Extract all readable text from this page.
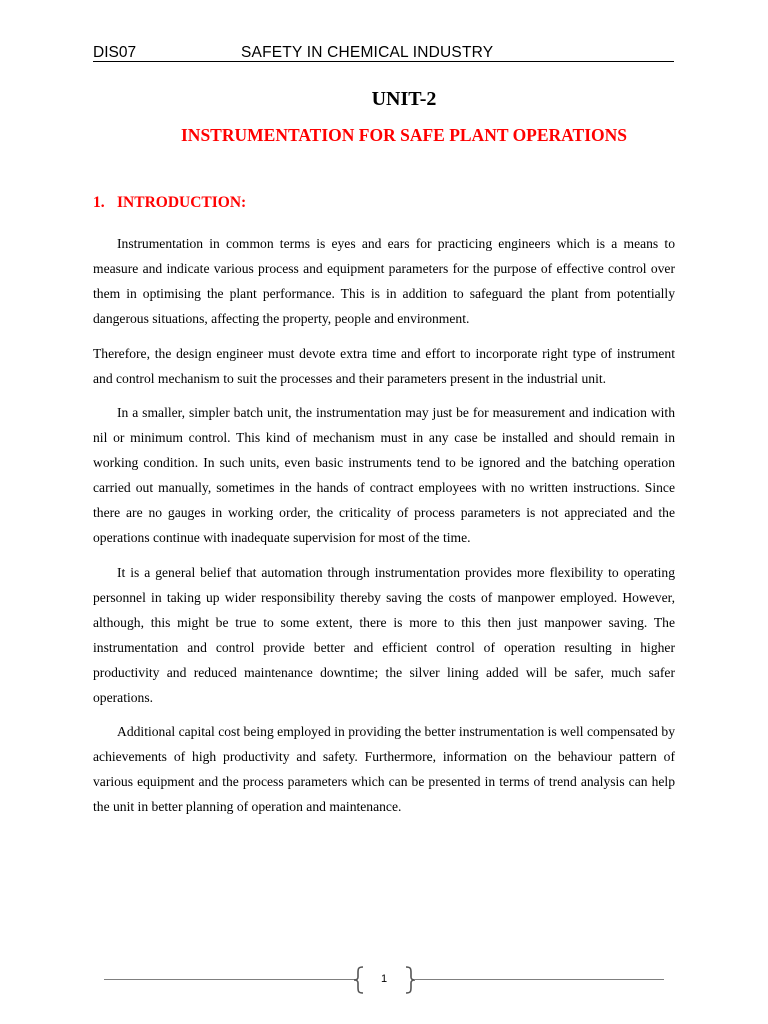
DIS07	SAFETY IN CHEMICAL INDUSTRY
UNIT-2
INSTRUMENTATION FOR SAFE PLANT OPERATIONS
1. INTRODUCTION:

Instrumentation in common terms is eyes and ears for practicing engineers which is a means to measure and indicate various process and equipment parameters for the purpose of effective control over them in optimising the plant performance. This is in addition to safeguard the plant from potentially dangerous situations, affecting the property, people and environment.

Therefore, the design engineer must devote extra time and effort to incorporate right type of instrument and control mechanism to suit the processes and their parameters present in the industrial unit.

In a smaller, simpler batch unit, the instrumentation may just be for measurement and indication with nil or minimum control. This kind of mechanism must in any case be installed and should remain in working condition. In such units, even basic instruments tend to be ignored and the batching operation carried out manually, sometimes in the hands of contract employees with no written instructions. Since there are no gauges in working order, the criticality of process parameters is not appreciated and the operations continue with inadequate supervision for most of the time.

It is a general belief that automation through instrumentation provides more flexibility to operating personnel in taking up wider responsibility thereby saving the costs of manpower employed. However, although, this might be true to some extent, there is more to this then just manpower saving. The instrumentation and control provide better and efficient control of operation resulting in higher productivity and reduced maintenance downtime; the silver lining added will be safer, much safer operations.

Additional capital cost being employed in providing the better instrumentation is well compensated by achievements of high productivity and safety. Furthermore, information on the behaviour pattern of various equipment and the process parameters which can be presented in terms of trend analysis can help the unit in better planning of operation and maintenance.

1
